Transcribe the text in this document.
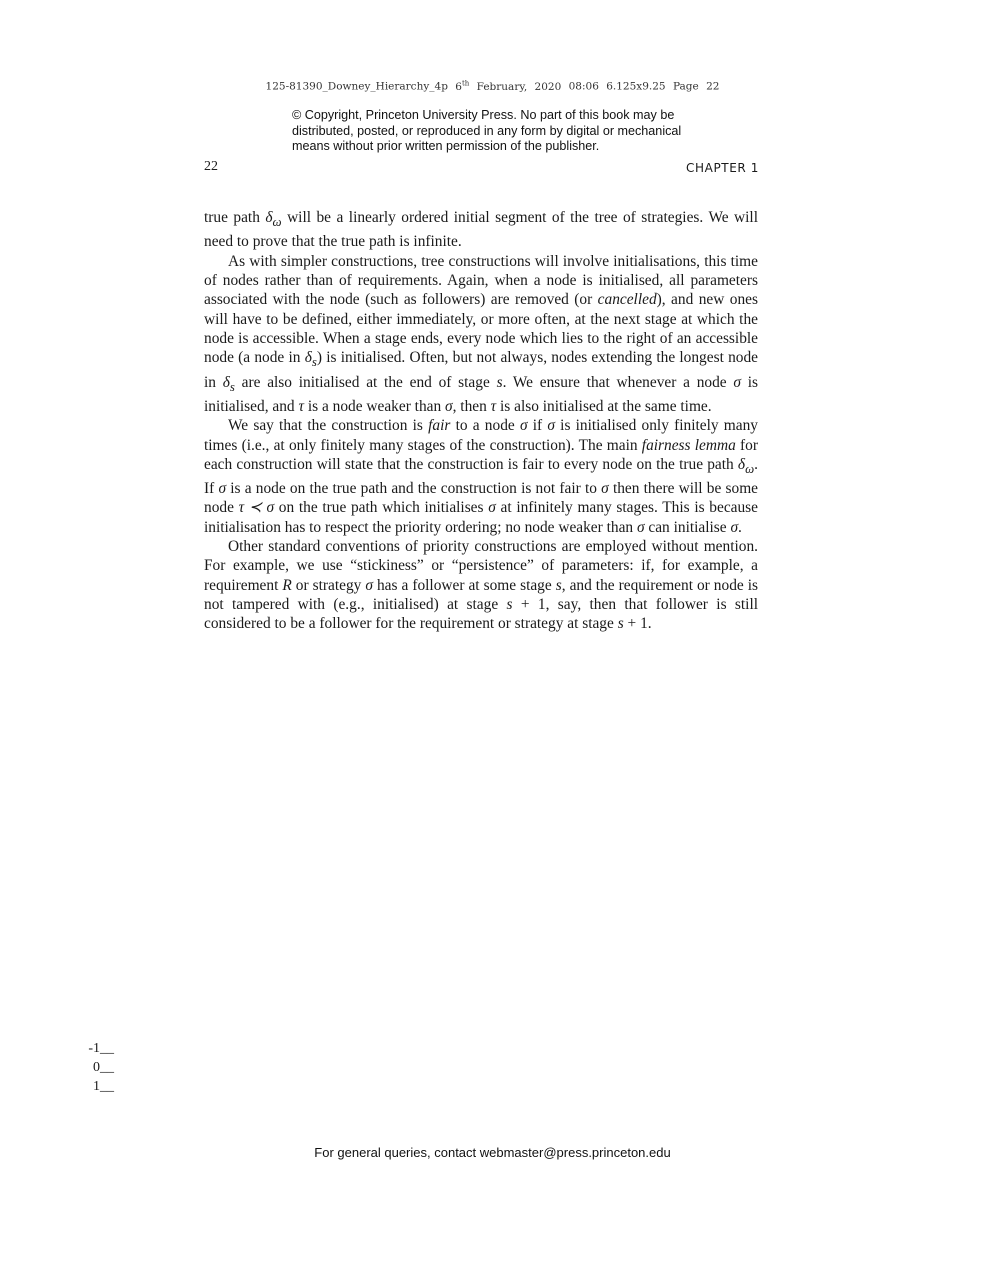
125-81390_Downey_Hierarchy_4p 6th February, 2020 08:06 6.125x9.25 Page 22
© Copyright, Princeton University Press. No part of this book may be
distributed, posted, or reproduced in any form by digital or mechanical
means without prior written permission of the publisher.
22	CHAPTER 1

true path $\delta_\omega$ will be a linearly ordered initial segment of the tree of strategies. We will need to prove that the true path is infinite.

As with simpler constructions, tree constructions will involve initialisations, this time of nodes rather than of requirements. Again, when a node is initialised, all parameters associated with the node (such as followers) are removed (or cancelled), and new ones will have to be defined, either immediately, or more often, at the next stage at which the node is accessible. When a stage ends, every node which lies to the right of an accessible node (a node in $\delta_s$) is initialised. Often, but not always, nodes extending the longest node in $\delta_s$ are also initialised at the end of stage s. We ensure that whenever a node σ is initialised, and τ is a node weaker than σ, then τ is also initialised at the same time.

We say that the construction is fair to a node σ if σ is initialised only finitely many times (i.e., at only finitely many stages of the construction). The main fairness lemma for each construction will state that the construction is fair to every node on the true path $\delta_\omega$. If σ is a node on the true path and the construction is not fair to σ then there will be some node τ ≺ σ on the true path which initialises σ at infinitely many stages. This is because initialisation has to respect the priority ordering; no node weaker than σ can initialise σ.

Other standard conventions of priority constructions are employed without mention. For example, we use “stickiness” or “persistence” of parameters: if, for example, a requirement R or strategy σ has a follower at some stage s, and the requirement or node is not tampered with (e.g., initialised) at stage s + 1, say, then that follower is still considered to be a follower for the requirement or strategy at stage s + 1.

-1__
0__
1__
For general queries, contact webmaster@press.princeton.edu
